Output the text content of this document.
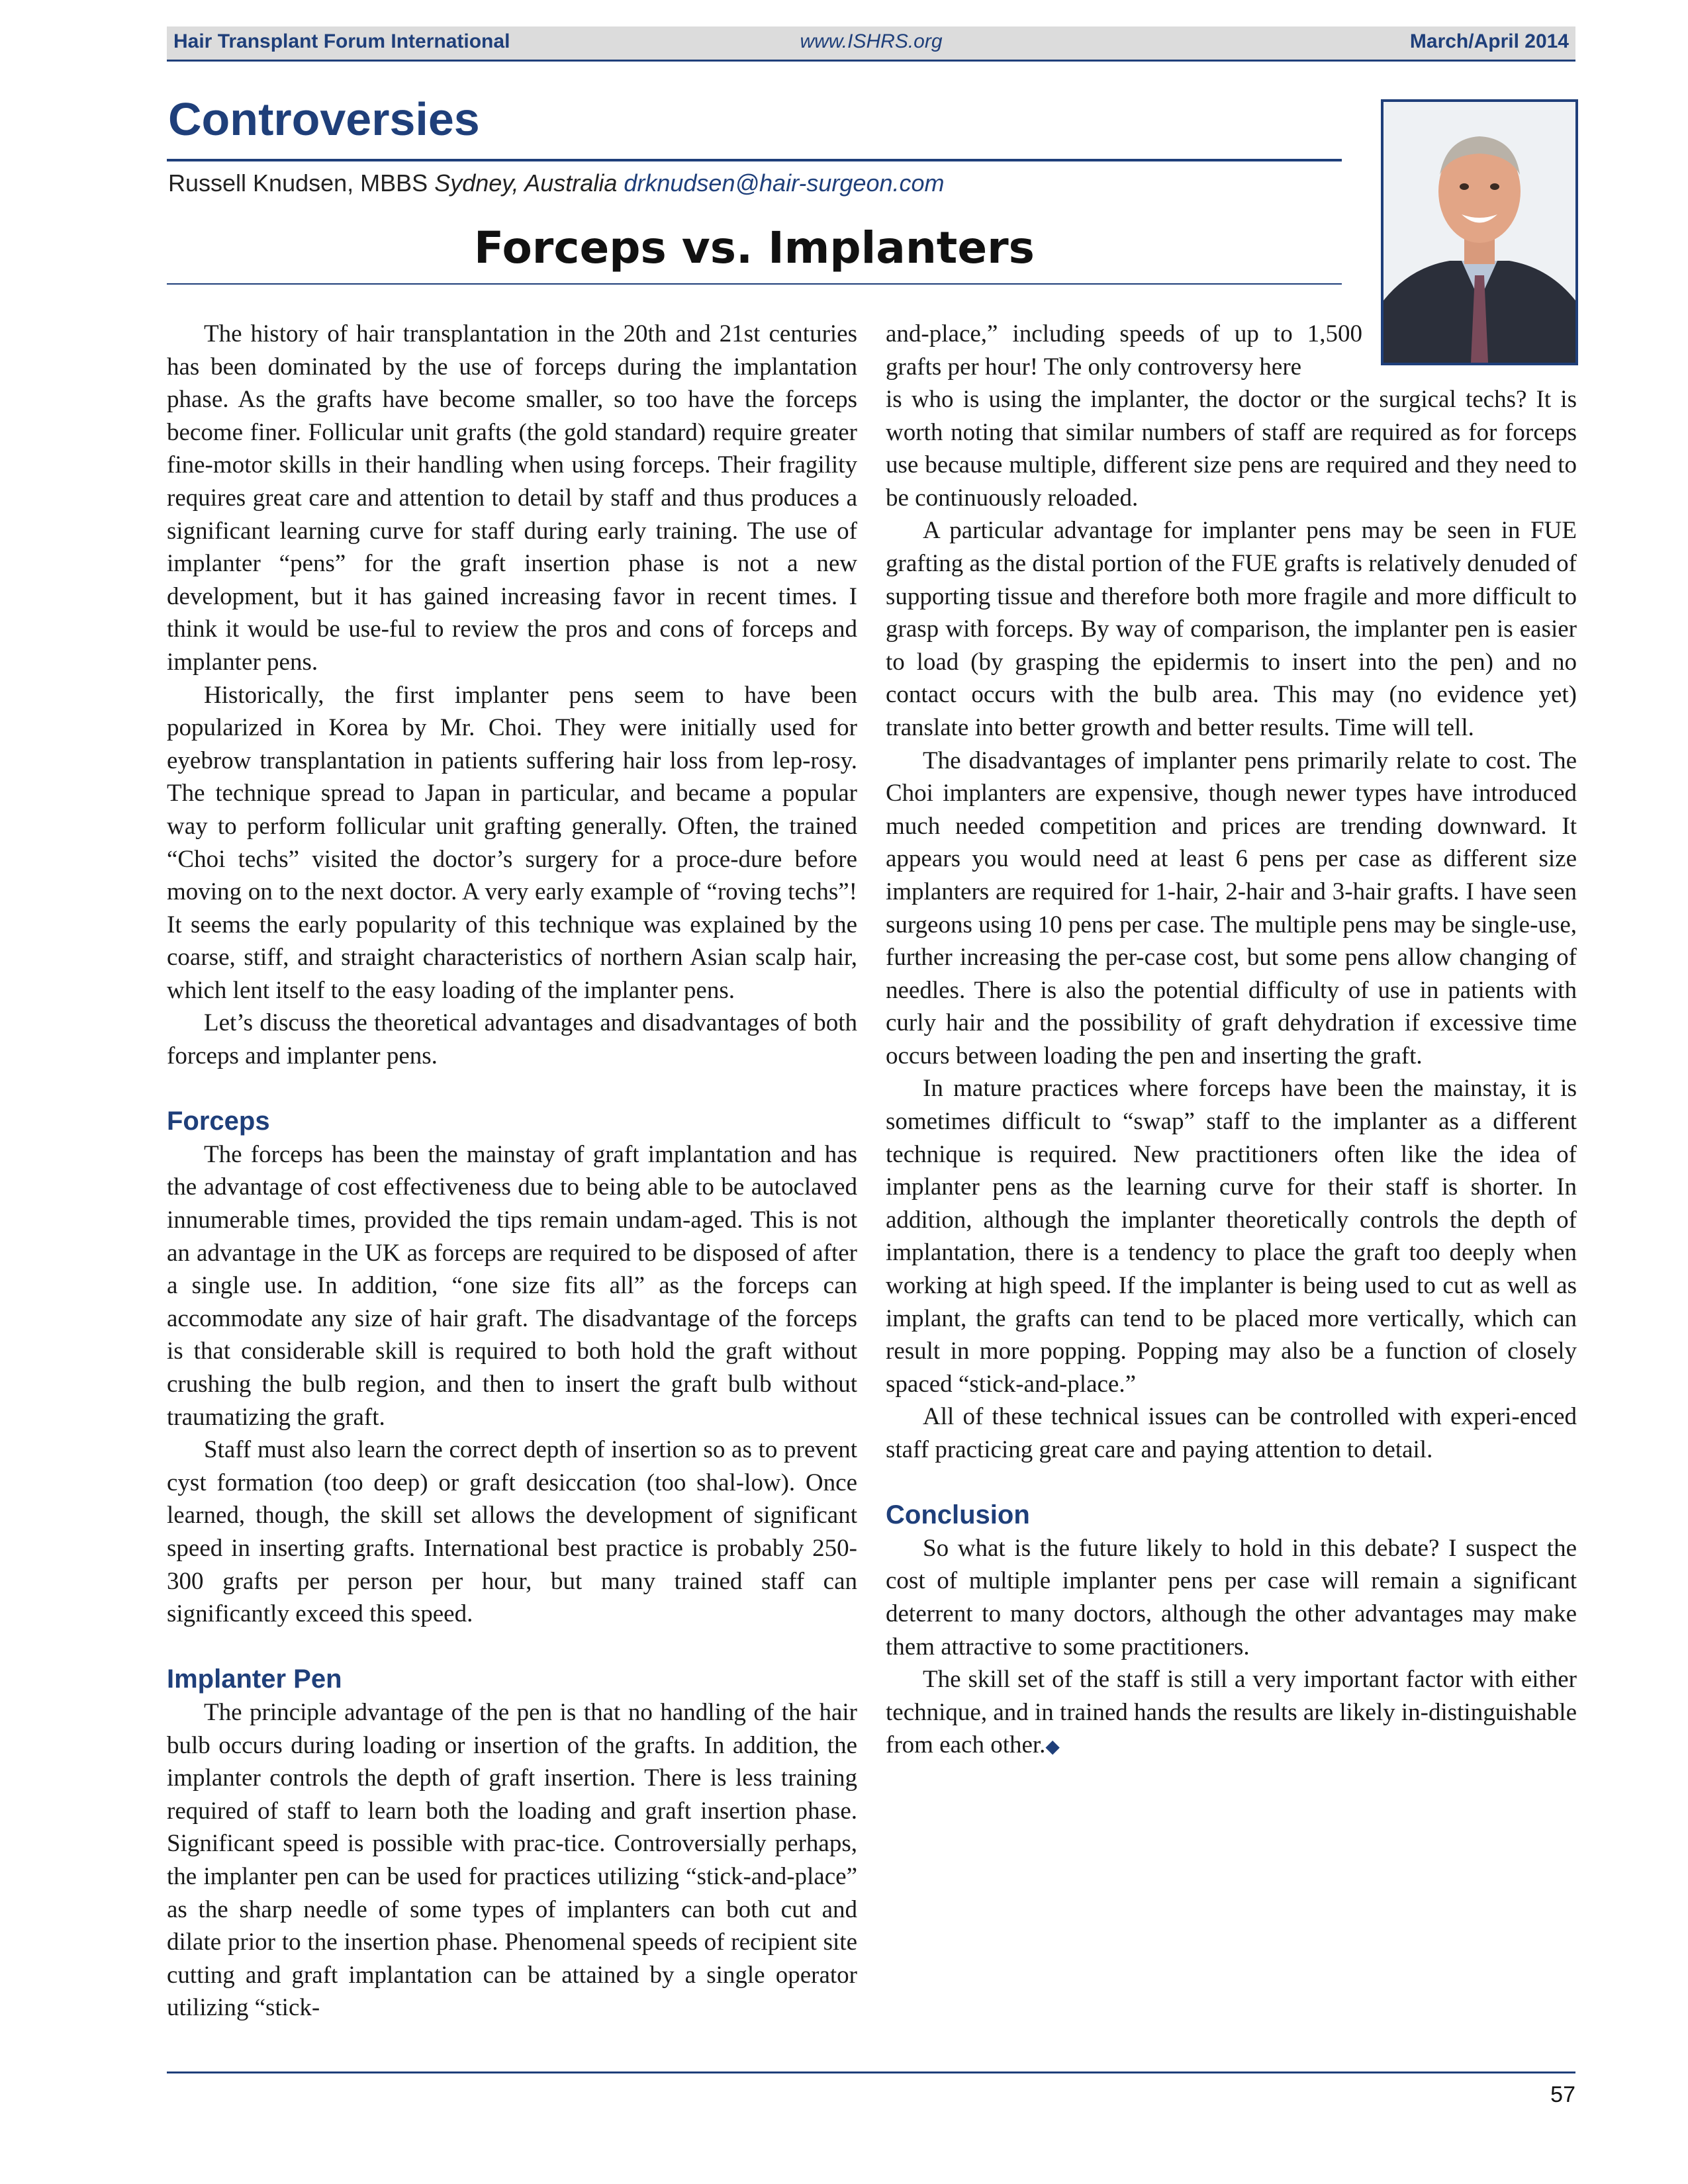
Hair Transplant Forum International	www.ISHRS.org	March/April 2014
Controversies
Russell Knudsen, MBBS Sydney, Australia drknudsen@hair-surgeon.com
Forceps vs. Implanters

The history of hair transplantation in the 20th and 21st centuries has been dominated by the use of forceps during the implantation phase. As the grafts have become smaller, so too have the forceps become finer. Follicular unit grafts (the gold standard) require greater fine-motor skills in their handling when using forceps. Their fragility requires great care and attention to detail by staff and thus produces a significant learning curve for staff during early training. The use of implanter “pens” for the graft insertion phase is not a new development, but it has gained increasing favor in recent times. I think it would be use-ful to review the pros and cons of forceps and implanter pens.

Historically, the first implanter pens seem to have been popularized in Korea by Mr. Choi. They were initially used for eyebrow transplantation in patients suffering hair loss from lep-rosy. The technique spread to Japan in particular, and became a popular way to perform follicular unit grafting generally. Often, the trained “Choi techs” visited the doctor’s surgery for a proce-dure before moving on to the next doctor. A very early example of “roving techs”! It seems the early popularity of this technique was explained by the coarse, stiff, and straight characteristics of northern Asian scalp hair, which lent itself to the easy loading of the implanter pens.

Let’s discuss the theoretical advantages and disadvantages of both forceps and implanter pens.

Forceps

The forceps has been the mainstay of graft implantation and has the advantage of cost effectiveness due to being able to be autoclaved innumerable times, provided the tips remain undam-aged. This is not an advantage in the UK as forceps are required to be disposed of after a single use. In addition, “one size fits all” as the forceps can accommodate any size of hair graft. The disadvantage of the forceps is that considerable skill is required to both hold the graft without crushing the bulb region, and then to insert the graft bulb without traumatizing the graft.

Staff must also learn the correct depth of insertion so as to prevent cyst formation (too deep) or graft desiccation (too shal-low). Once learned, though, the skill set allows the development of significant speed in inserting grafts. International best practice is probably 250-300 grafts per person per hour, but many trained staff can significantly exceed this speed.

Implanter Pen

The principle advantage of the pen is that no handling of the hair bulb occurs during loading or insertion of the grafts. In addition, the implanter controls the depth of graft insertion. There is less training required of staff to learn both the loading and graft insertion phase. Significant speed is possible with prac-tice. Controversially perhaps, the implanter pen can be used for practices utilizing “stick-and-place” as the sharp needle of some types of implanters can both cut and dilate prior to the insertion phase. Phenomenal speeds of recipient site cutting and graft implantation can be attained by a single operator utilizing “stick-

and-place,” including speeds of up to 1,500 grafts per hour! The only controversy here

is who is using the implanter, the doctor or the surgical techs? It is worth noting that similar numbers of staff are required as for forceps use because multiple, different size pens are required and they need to be continuously reloaded.

A particular advantage for implanter pens may be seen in FUE grafting as the distal portion of the FUE grafts is relatively denuded of supporting tissue and therefore both more fragile and more difficult to grasp with forceps. By way of comparison, the implanter pen is easier to load (by grasping the epidermis to insert into the pen) and no contact occurs with the bulb area. This may (no evidence yet) translate into better growth and better results. Time will tell.

The disadvantages of implanter pens primarily relate to cost. The Choi implanters are expensive, though newer types have introduced much needed competition and prices are trending downward. It appears you would need at least 6 pens per case as different size implanters are required for 1-hair, 2-hair and 3-hair grafts. I have seen surgeons using 10 pens per case. The multiple pens may be single-use, further increasing the per-case cost, but some pens allow changing of needles. There is also the potential difficulty of use in patients with curly hair and the possibility of graft dehydration if excessive time occurs between loading the pen and inserting the graft.

In mature practices where forceps have been the mainstay, it is sometimes difficult to “swap” staff to the implanter as a different technique is required. New practitioners often like the idea of implanter pens as the learning curve for their staff is shorter. In addition, although the implanter theoretically controls the depth of implantation, there is a tendency to place the graft too deeply when working at high speed. If the implanter is being used to cut as well as implant, the grafts can tend to be placed more vertically, which can result in more popping. Popping may also be a function of closely spaced “stick-and-place.”

All of these technical issues can be controlled with experi-enced staff practicing great care and paying attention to detail.

Conclusion

So what is the future likely to hold in this debate? I suspect the cost of multiple implanter pens per case will remain a significant deterrent to many doctors, although the other advantages may make them attractive to some practitioners.

The skill set of the staff is still a very important factor with either technique, and in trained hands the results are likely in-distinguishable from each other.◆

57
